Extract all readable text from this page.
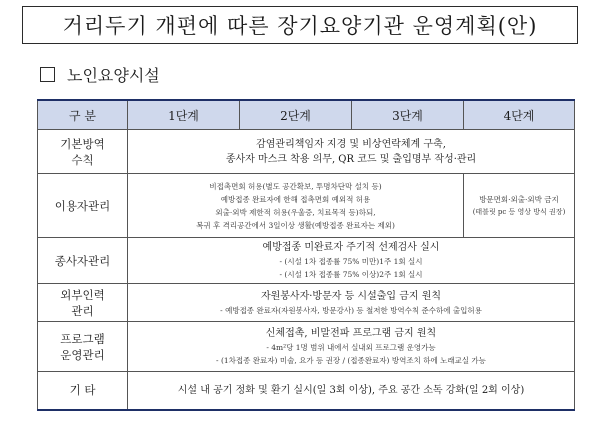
거리두기 개편에 따른 장기요양기관 운영계획(안)
노인요양시설
구 분	1단계	2단계	3단계	4단계

기본방역
수칙	감염관리책임자 지경 및 비상연락체계 구축,
종사자 마스크 착용 의무, QR 코드 및 출입명부 작성·관리			

이용자관리	비접촉면회 허용(별도 공간확보, 투명차단막 설치 등)
예방접종 완료자에 한해 접촉면회 예외적 허용
외출·외박 제한적 허용(우울증, 치료목적 등)하되,
복귀 후 격리공간에서 3일이상 생활(예방접종 완료자는 제외)			방문면회·외출·외박 금지
(태블릿 pc 등 영상 방식 권장)

종사자관리	예방접종 미완료자 주기적 선제검사 실시
- (시설 1차 접종률 75% 미만)1주 1회 실시
- (시설 1차 접종률 75% 이상)2주 1회 실시			

외부인력
관리	자원봉사자·방문자 등 시설출입 금지 원칙
- 예방접종 완료자(자원봉사자, 방문강사) 등 철저한 방역수칙 준수하에 출입허용			

프로그램
운영관리	신체접촉, 비말전파 프로그램 금지 원칙
- 4m²당 1명 범위 내에서 실내외 프로그램 운영가능
- (1차접종 완료자) 미술, 요가 등 권장 / (접종완료자) 방역조치 하에 노래교실 가능			

기 타	시설 내 공기 정화 및 환기 실시(일 3회 이상), 주요 공간 소독 강화(일 2회 이상)			
